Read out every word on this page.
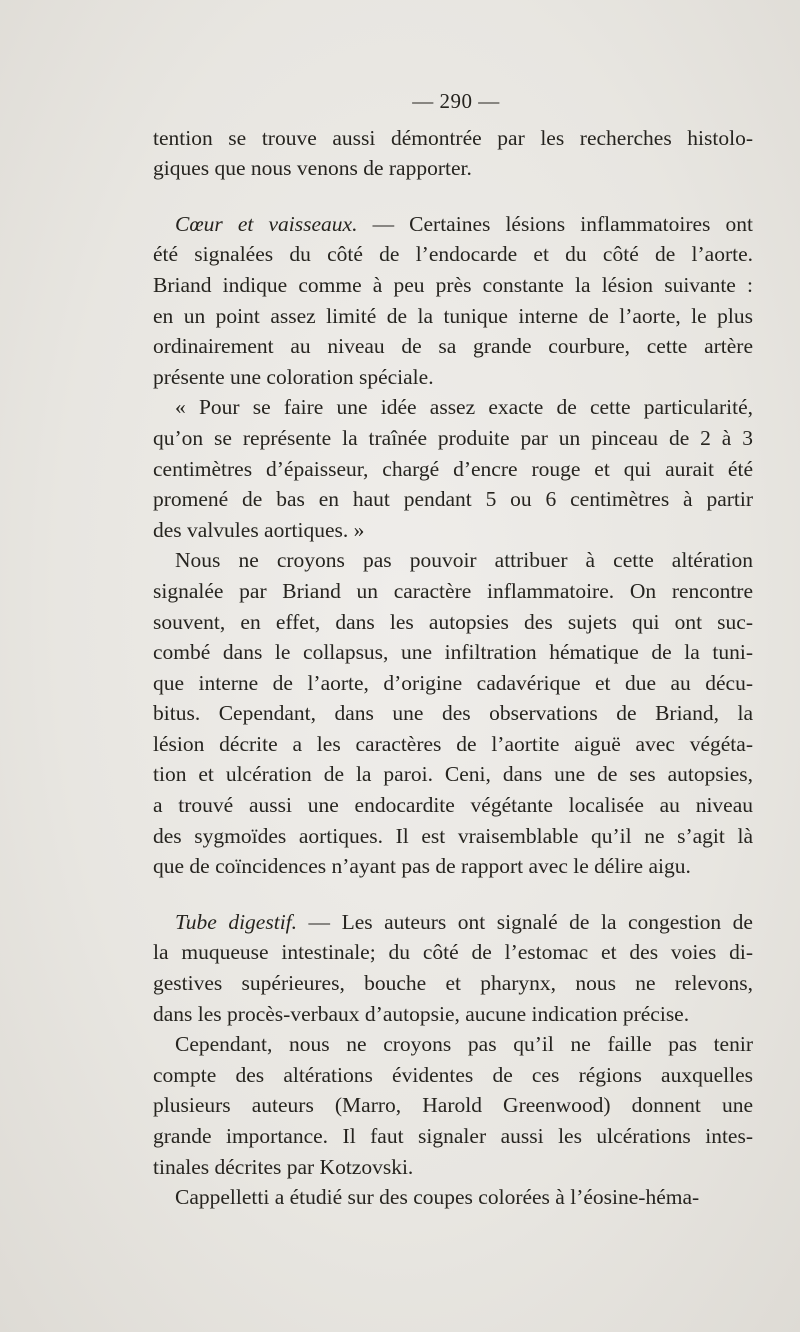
— 290 —
tention se trouve aussi démontrée par les recherches histolo-
giques que nous venons de rapporter.
Cœur et vaisseaux. — Certaines lésions inflammatoires ont
été signalées du côté de l’endocarde et du côté de l’aorte.
Briand indique comme à peu près constante la lésion suivante :
en un point assez limité de la tunique interne de l’aorte, le plus
ordinairement au niveau de sa grande courbure, cette artère
présente une coloration spéciale.
« Pour se faire une idée assez exacte de cette particularité,
qu’on se représente la traînée produite par un pinceau de 2 à 3
centimètres d’épaisseur, chargé d’encre rouge et qui aurait été
promené de bas en haut pendant 5 ou 6 centimètres à partir
des valvules aortiques. »
Nous ne croyons pas pouvoir attribuer à cette altération
signalée par Briand un caractère inflammatoire. On rencontre
souvent, en effet, dans les autopsies des sujets qui ont suc-
combé dans le collapsus, une infiltration hématique de la tuni-
que interne de l’aorte, d’origine cadavérique et due au décu-
bitus. Cependant, dans une des observations de Briand, la
lésion décrite a les caractères de l’aortite aiguë avec végéta-
tion et ulcération de la paroi. Ceni, dans une de ses autopsies,
a trouvé aussi une endocardite végétante localisée au niveau
des sygmoïdes aortiques. Il est vraisemblable qu’il ne s’agit là
que de coïncidences n’ayant pas de rapport avec le délire aigu.
Tube digestif. — Les auteurs ont signalé de la congestion de
la muqueuse intestinale; du côté de l’estomac et des voies di-
gestives supérieures, bouche et pharynx, nous ne relevons,
dans les procès-verbaux d’autopsie, aucune indication précise.
Cependant, nous ne croyons pas qu’il ne faille pas tenir
compte des altérations évidentes de ces régions auxquelles
plusieurs auteurs (Marro, Harold Greenwood) donnent une
grande importance. Il faut signaler aussi les ulcérations intes-
tinales décrites par Kotzovski.
Cappelletti a étudié sur des coupes colorées à l’éosine-héma-
